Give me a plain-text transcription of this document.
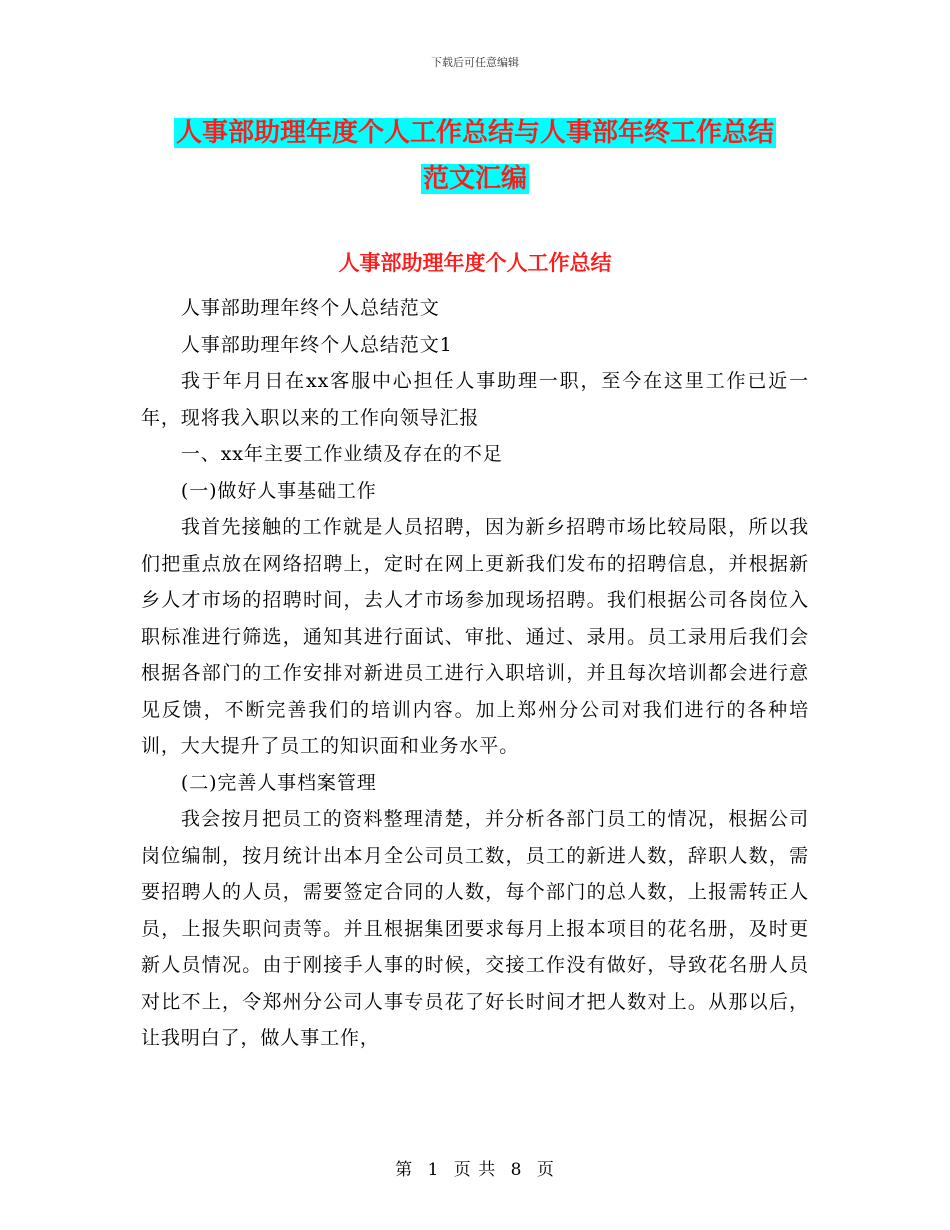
下载后可任意编辑
人事部助理年度个人工作总结与人事部年终工作总结
范文汇编
人事部助理年度个人工作总结

人事部助理年终个人总结范文

人事部助理年终个人总结范文1

我于年月日在xx客服中心担任人事助理一职，至今在这里工作已近一年，现将我入职以来的工作向领导汇报

一、xx年主要工作业绩及存在的不足

(一)做好人事基础工作

我首先接触的工作就是人员招聘，因为新乡招聘市场比较局限，所以我们把重点放在网络招聘上，定时在网上更新我们发布的招聘信息，并根据新乡人才市场的招聘时间，去人才市场参加现场招聘。我们根据公司各岗位入职标准进行筛选，通知其进行面试、审批、通过、录用。员工录用后我们会根据各部门的工作安排对新进员工进行入职培训，并且每次培训都会进行意见反馈，不断完善我们的培训内容。加上郑州分公司对我们进行的各种培训，大大提升了员工的知识面和业务水平。

(二)完善人事档案管理

我会按月把员工的资料整理清楚，并分析各部门员工的情况，根据公司岗位编制，按月统计出本月全公司员工数，员工的新进人数，辞职人数，需要招聘人的人员，需要签定合同的人数，每个部门的总人数，上报需转正人员，上报失职问责等。并且根据集团要求每月上报本项目的花名册，及时更新人员情况。由于刚接手人事的时候，交接工作没有做好，导致花名册人员对比不上，令郑州分公司人事专员花了好长时间才把人数对上。从那以后，让我明白了，做人事工作，

第 1 页 共 8 页
